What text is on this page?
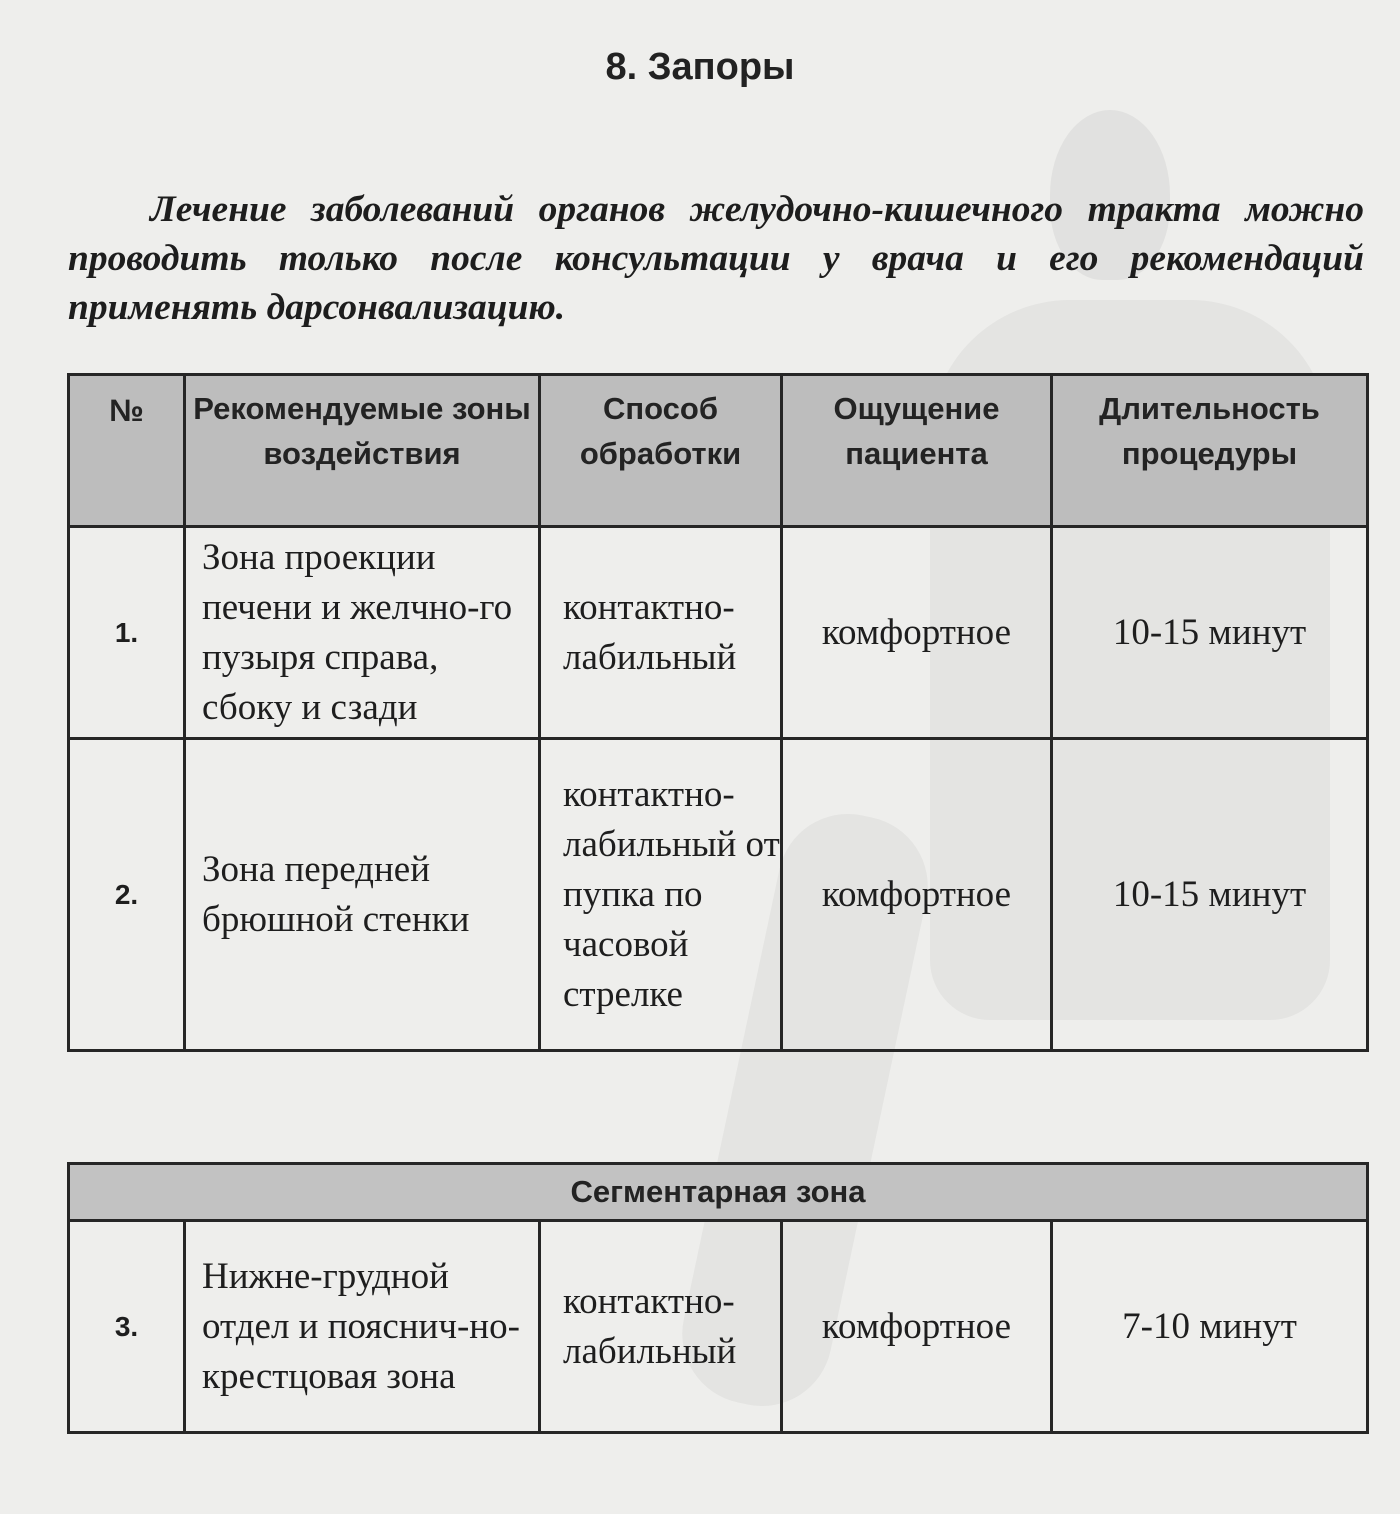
8. Запоры

Лечение заболеваний органов желудочно-кишечного тракта можно проводить только после консультации у врача и его рекомендаций применять дарсонвализацию.

№	Рекомендуемые зоны воздействия	Способ обработки	Ощущение пациента	Длительность процедуры
1.	Зона проекции печени и желчно-го пузыря справа, сбоку и сзади	контактно-лабильный	комфортное	10-15 минут
2.	Зона передней брюшной стенки	контактно-лабильный от пупка по часовой стрелке	комфортное	10-15 минут
Сегментарная зона
3.	Нижне-грудной отдел и пояснич-но-крестцовая зона	контактно-лабильный	комфортное	7-10 минут
